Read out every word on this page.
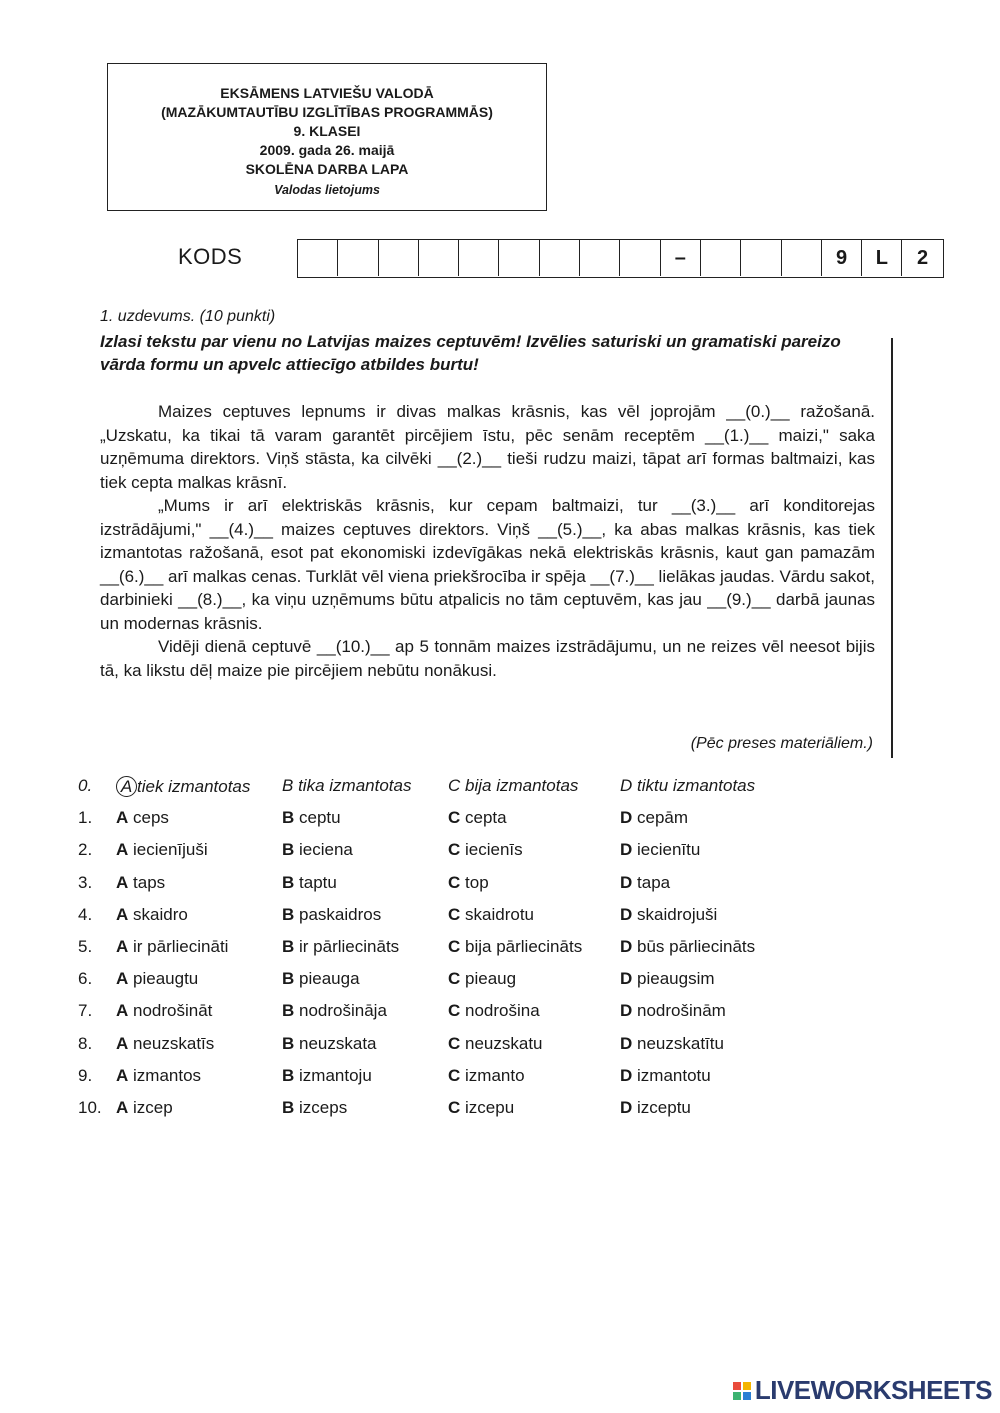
EKSĀMENS LATVIEŠU VALODĀ
(MAZĀKUMTAUTĪBU IZGLĪTĪBAS PROGRAMMĀS)
9. KLASEI
2009. gada 26. maijā
SKOLĒNA DARBA LAPA
Valodas lietojums
KODS	–	9	L	2
1. uzdevums. (10 punkti)
Izlasi tekstu par vienu no Latvijas maizes ceptuvēm! Izvēlies saturiski un gramatiski pareizo vārda formu un apvelc attiecīgo atbildes burtu!

Maizes ceptuves lepnums ir divas malkas krāsnis, kas vēl joprojām __(0.)__ ražošanā. „Uzskatu, ka tikai tā varam garantēt pircējiem īstu, pēc senām receptēm __(1.)__ maizi," saka uzņēmuma direktors. Viņš stāsta, ka cilvēki __(2.)__ tieši rudzu maizi, tāpat arī formas baltmaizi, kas tiek cepta malkas krāsnī.

„Mums ir arī elektriskās krāsnis, kur cepam baltmaizi, tur __(3.)__ arī konditorejas izstrādājumi," __(4.)__ maizes ceptuves direktors. Viņš __(5.)__, ka abas malkas krāsnis, kas tiek izmantotas ražošanā, esot pat ekonomiski izdevīgākas nekā elektriskās krāsnis, kaut gan pamazām __(6.)__ arī malkas cenas. Turklāt vēl viena priekšrocība ir spēja __(7.)__ lielākas jaudas. Vārdu sakot, darbinieki __(8.)__, ka viņu uzņēmums būtu atpalicis no tām ceptuvēm, kas jau __(9.)__ darbā jaunas un modernas krāsnis.

Vidēji dienā ceptuvē __(10.)__ ap 5 tonnām maizes izstrādājumu, un ne reizes vēl neesot bijis tā, ka likstu dēļ maize pie pircējiem nebūtu nonākusi.

(Pēc preses materiāliem.)
0.	A tiek izmantotas B tika izmantotas C bija izmantotas D tiktu izmantotas
1.	A ceps	B ceptu	C cepta	D cepām
2.	A iecienījuši	B ieciena	C iecienīs	D iecienītu
3.	A taps	B taptu	C top	D tapa
4.	A skaidro	B paskaidros	C skaidrotu	D skaidrojuši
5.	A ir pārliecināti	B ir pārliecināts	C bija pārliecināts D būs pārliecināts
6.	A pieaugtu	B pieauga	C pieaug	D pieaugsim
7.	A nodrošināt	B nodrošināja	C nodrošina	D nodrošinām
8.	A neuzskatīs	B neuzskata	C neuzskatu	D neuzskatītu
9.	A izmantos	B izmantoju	C izmanto	D izmantotu
10. A izcep	B izceps	C izcepu	D izceptu
LIVEWORKSHEETS
